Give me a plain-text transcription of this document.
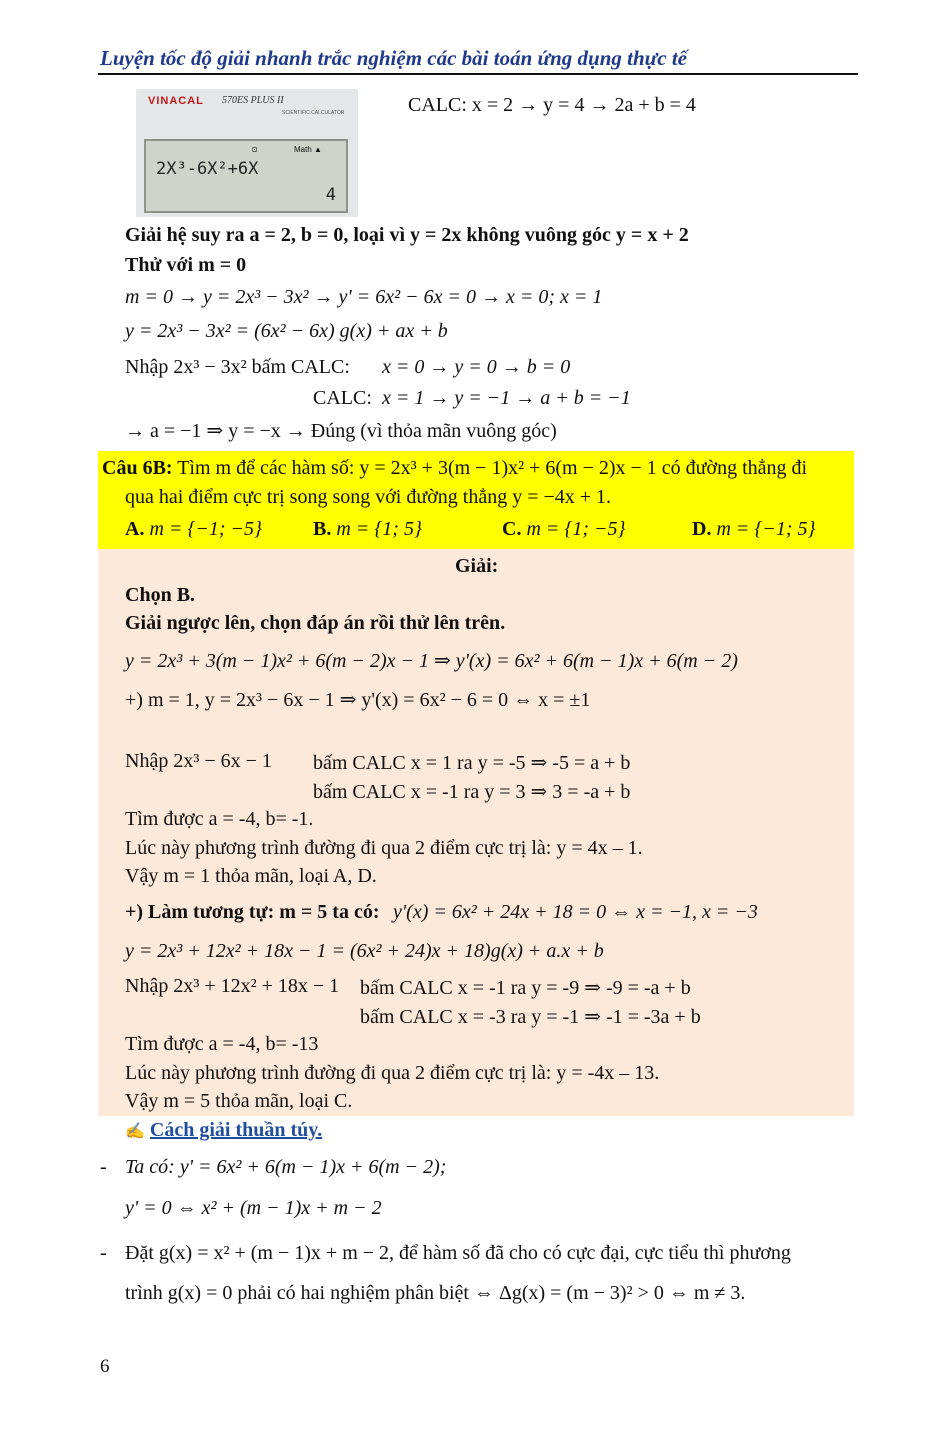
Luyện tốc độ giải nhanh trắc nghiệm các bài toán ứng dụng thực tế
VINACAL 570ES PLUS II
SCIENTIFIC CALCULATOR
⊡	Math ▲
2X³-6X²+6X
4
CALC: x = 2 → y = 4 → 2a + b = 4
Giải hệ suy ra a = 2, b = 0, loại vì y = 2x không vuông góc y = x + 2
Thử với m = 0
m = 0 → y = 2x³ − 3x² → y' = 6x² − 6x = 0 → x = 0; x = 1
y = 2x³ − 3x² = (6x² − 6x) g(x) + ax + b
Nhập 2x³ − 3x² bấm CALC: x = 0 → y = 0 → b = 0
CALC: x = 1 → y = −1 → a + b = −1
→ a = −1 ⇒ y = −x → Đúng (vì thỏa mãn vuông góc)
Câu 6B: Tìm m để các hàm số: y = 2x³ + 3(m − 1)x² + 6(m − 2)x − 1 có đường thẳng đi
qua hai điểm cực trị song song với đường thẳng y = −4x + 1.
A. m = {−1; −5}	B. m = {1; 5}	C. m = {1; −5}	D. m = {−1; 5}
Giải:
Chọn B.
Giải ngược lên, chọn đáp án rồi thử lên trên.
y = 2x³ + 3(m − 1)x² + 6(m − 2)x − 1 ⇒ y'(x) = 6x² + 6(m − 1)x + 6(m − 2)
+) m = 1, y = 2x³ − 6x − 1 ⇒ y'(x) = 6x² − 6 = 0 ⇔ x = ±1
Nhập 2x³ − 6x − 1 bấm CALC x = 1 ra y = -5 ⇒ -5 = a + b
bấm CALC x = -1 ra y = 3 ⇒ 3 = -a + b
Tìm được a = -4, b= -1.
Lúc này phương trình đường đi qua 2 điểm cực trị là: y = 4x – 1.
Vậy m = 1 thỏa mãn, loại A, D.
+) Làm tương tự: m = 5 ta có: y'(x) = 6x² + 24x + 18 = 0 ⇔ x = −1, x = −3
y = 2x³ + 12x² + 18x − 1 = (6x² + 24)x + 18)g(x) + a.x + b
Nhập 2x³ + 12x² + 18x − 1 bấm CALC x = -1 ra y = -9 ⇒ -9 = -a + b
bấm CALC x = -3 ra y = -1 ⇒ -1 = -3a + b
Tìm được a = -4, b= -13
Lúc này phương trình đường đi qua 2 điểm cực trị là: y = -4x – 13.
Vậy m = 5 thỏa mãn, loại C.
✍ Cách giải thuần túy.
- Ta có: y' = 6x² + 6(m − 1)x + 6(m − 2);
y' = 0 ⇔ x² + (m − 1)x + m − 2
- Đặt g(x) = x² + (m − 1)x + m − 2, để hàm số đã cho có cực đại, cực tiểu thì phương
trình g(x) = 0 phải có hai nghiệm phân biệt ⇔ Δg(x) = (m − 3)² > 0 ⇔ m ≠ 3.
6
